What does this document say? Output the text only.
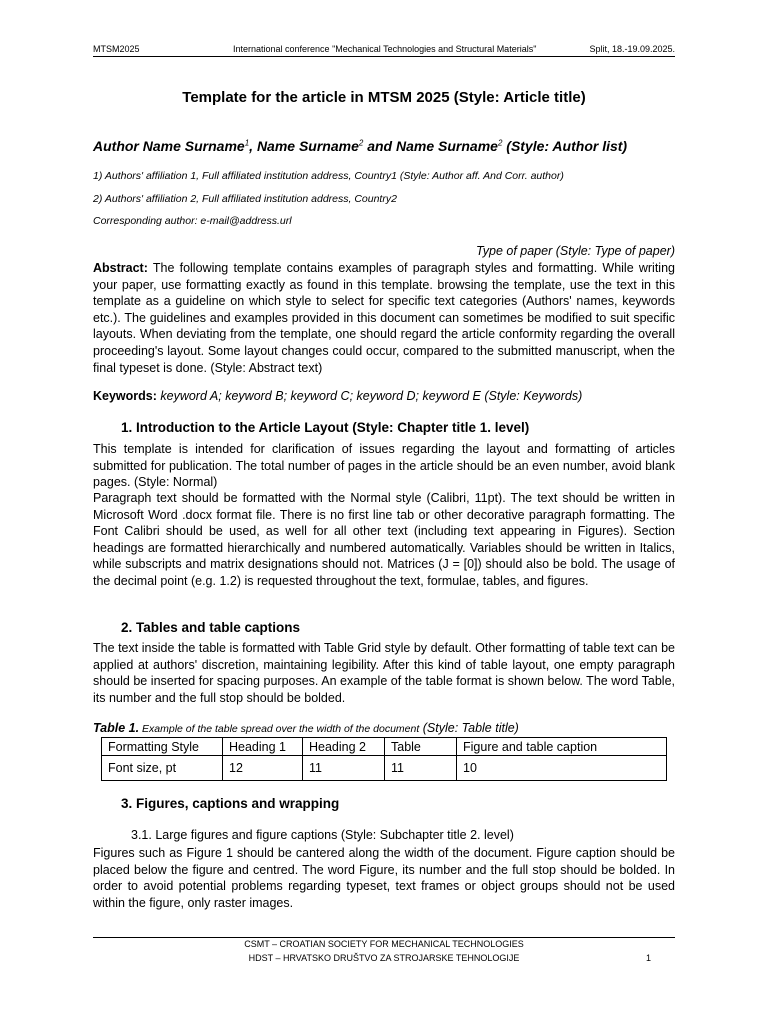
MTSM2025	International conference "Mechanical Technologies and Structural Materials"	Split, 18.-19.09.2025.
Template for the article in MTSM 2025 (Style: Article title)
Author Name Surname$^1$, Name Surname$^2$ and Name Surname$^2$ (Style: Author list)
1) Authors' affiliation 1, Full affiliated institution address, Country1 (Style: Author aff. And Corr. author)
2) Authors' affiliation 2, Full affiliated institution address, Country2
Corresponding author: e-mail@address.url
Type of paper (Style: Type of paper)
Abstract: The following template contains examples of paragraph styles and formatting. While writing your paper, use formatting exactly as found in this template. browsing the template, use the text in this template as a guideline on which style to select for specific text categories (Authors' names, keywords etc.). The guidelines and examples provided in this document can sometimes be modified to suit specific layouts. When deviating from the template, one should regard the article conformity regarding the overall proceeding's layout. Some layout changes could occur, compared to the submitted manuscript, when the final typeset is done. (Style: Abstract text)
Keywords: keyword A; keyword B; keyword C; keyword D; keyword E (Style: Keywords)
1. Introduction to the Article Layout (Style: Chapter title 1. level)
This template is intended for clarification of issues regarding the layout and formatting of articles submitted for publication. The total number of pages in the article should be an even number, avoid blank pages. (Style: Normal)
Paragraph text should be formatted with the Normal style (Calibri, 11pt). The text should be written in Microsoft Word .docx format file. There is no first line tab or other decorative paragraph formatting. The Font Calibri should be used, as well for all other text (including text appearing in Figures). Section headings are formatted hierarchically and numbered automatically. Variables should be written in Italics, while subscripts and matrix designations should not. Matrices (J = [0]) should also be bold. The usage of the decimal point (e.g. 1.2) is requested throughout the text, formulae, tables, and figures.
2. Tables and table captions
The text inside the table is formatted with Table Grid style by default. Other formatting of table text can be applied at authors' discretion, maintaining legibility. After this kind of table layout, one empty paragraph should be inserted for spacing purposes. An example of the table format is shown below. The word Table, its number and the full stop should be bolded.
Table 1. Example of the table spread over the width of the document (Style: Table title)
Formatting Style	Heading 1	Heading 2	Table	Figure and table caption
Font size, pt	12	11	11	10
3. Figures, captions and wrapping
3.1. Large figures and figure captions (Style: Subchapter title 2. level)
Figures such as Figure 1 should be cantered along the width of the document. Figure caption should be placed below the figure and centred. The word Figure, its number and the full stop should be bolded. In order to avoid potential problems regarding typeset, text frames or object groups should not be used within the figure, only raster images.
CSMT – CROATIAN SOCIETY FOR MECHANICAL TECHNOLOGIES
HDST – HRVATSKO DRUŠTVO ZA STROJARSKE TEHNOLOGIJE	1
